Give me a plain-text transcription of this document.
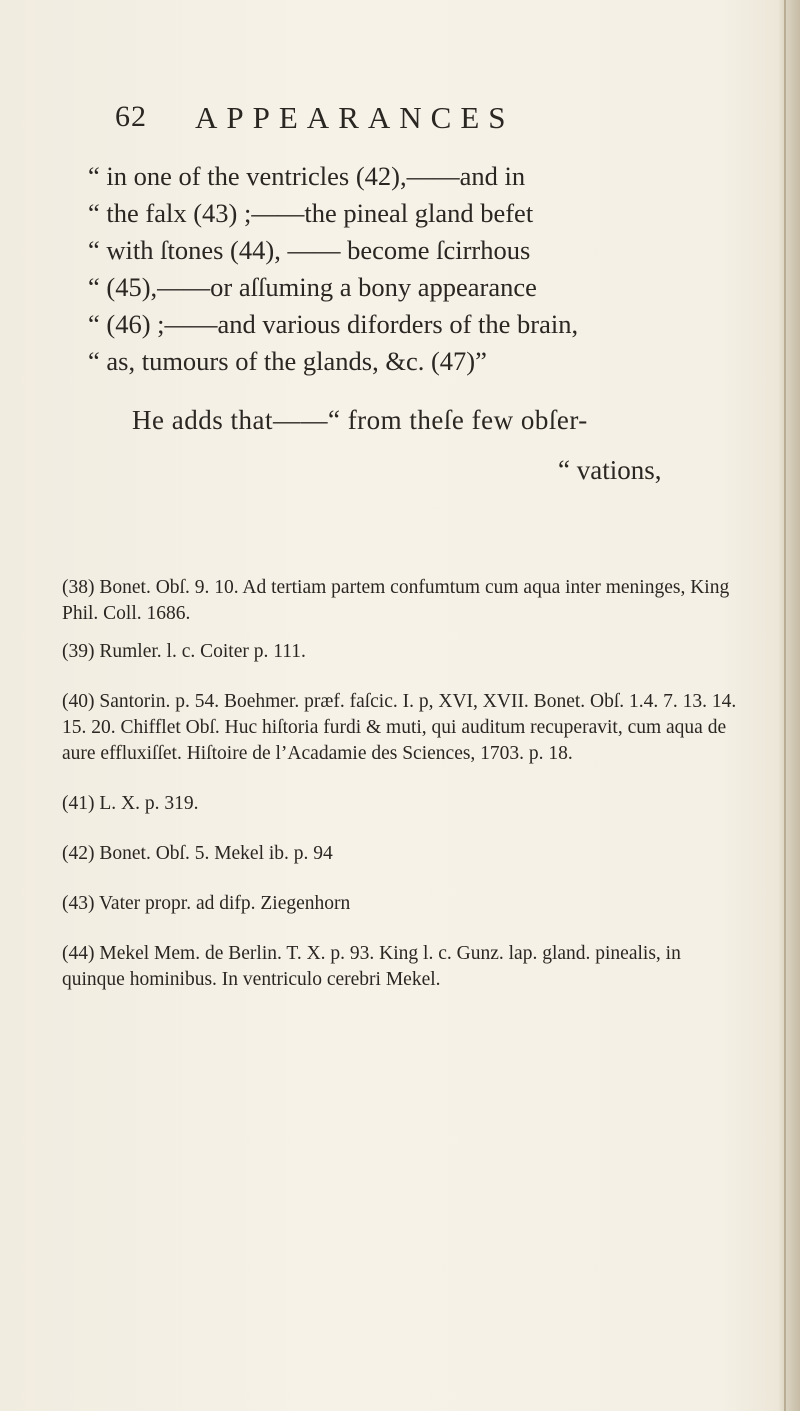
62 APPEARANCES
“ in one of the ventricles (42),——and in
“ the falx (43) ;——the pineal gland befet
“ with ſtones (44), —— become ſcirrhous
“ (45),——or aſſuming a bony appearance
“ (46) ;——and various diforders of the brain,
“ as, tumours of the glands, &c. (47)”
He adds that——“ from theſe few obſer-
“ vations,

(38) Bonet. Obſ. 9. 10. Ad tertiam partem confumtum cum aqua inter meninges, King Phil. Coll. 1686.

(39) Rumler. l. c. Coiter p. 111.

(40) Santorin. p. 54. Boehmer. præf. faſcic. I. p, XVI, XVII. Bonet. Obſ. 1.4. 7. 13. 14. 15. 20. Chifflet Obſ. Huc hiſtoria furdi & muti, qui auditum recuperavit, cum aqua de aure effluxiſſet. Hiſtoire de l’Acadamie des Sciences, 1703. p. 18.

(41) L. X. p. 319.

(42) Bonet. Obſ. 5. Mekel ib. p. 94

(43) Vater propr. ad difp. Ziegenhorn

(44) Mekel Mem. de Berlin. T. X. p. 93. King l. c. Gunz. lap. gland. pinealis, in quinque hominibus. In ventriculo cerebri Mekel.
